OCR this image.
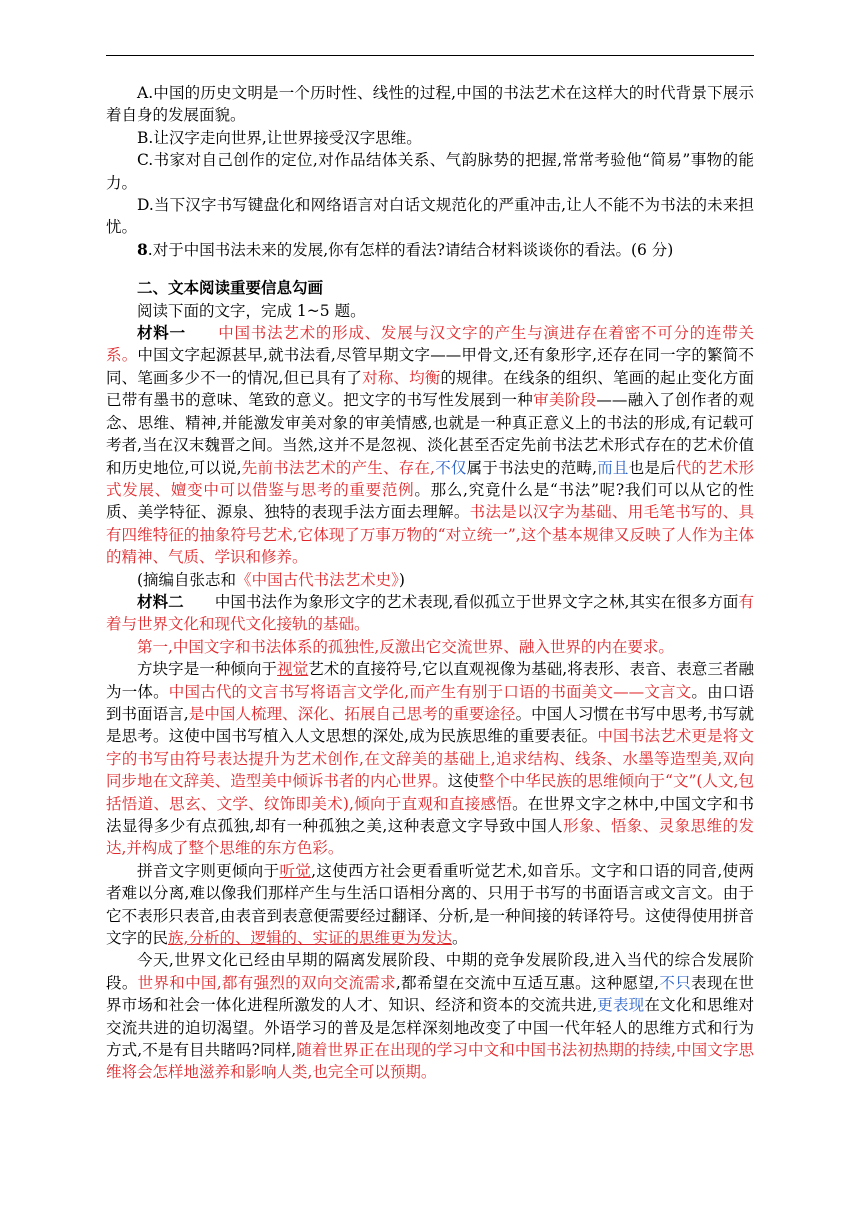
A.中国的历史文明是一个历时性、线性的过程,中国的书法艺术在这样大的时代背景下展示着自身的发展面貌。

B.让汉字走向世界,让世界接受汉字思维。

C.书家对自己创作的定位,对作品结体关系、气韵脉势的把握,常常考验他“简易”事物的能力。

D.当下汉字书写键盘化和网络语言对白话文规范化的严重冲击,让人不能不为书法的未来担忧。

8.对于中国书法未来的发展,你有怎样的看法?请结合材料谈谈你的看法。(6 分)

二、文本阅读重要信息勾画

阅读下面的文字，完成 1~5 题。

材料一　　 中国书法艺术的形成、发展与汉文字的产生与演进存在着密不可分的连带关系。中国文字起源甚早,就书法看,尽管早期文字——甲骨文,还有象形字,还存在同一字的繁简不同、笔画多少不一的情况,但已具有了对称、均衡的规律。在线条的组织、笔画的起止变化方面已带有墨书的意味、笔致的意义。把文字的书写性发展到一种审美阶段——融入了创作者的观念、思维、精神,并能激发审美对象的审美情感,也就是一种真正意义上的书法的形成,有记载可考者,当在汉末魏晋之间。当然,这并不是忽视、淡化甚至否定先前书法艺术形式存在的艺术价值和历史地位,可以说,先前书法艺术的产生、存在,不仅属于书法史的范畴,而且也是后代的艺术形式发展、嬗变中可以借鉴与思考的重要范例。那么,究竟什么是“书法”呢?我们可以从它的性质、美学特征、源泉、独特的表现手法方面去理解。书法是以汉字为基础、用毛笔书写的、具有四维特征的抽象符号艺术,它体现了万事万物的“对立统一”,这个基本规律又反映了人作为主体的精神、气质、学识和修养。

(摘编自张志和《中国古代书法艺术史》)

材料二　　 中国书法作为象形文字的艺术表现,看似孤立于世界文字之林,其实在很多方面有着与世界文化和现代文化接轨的基础。

第一,中国文字和书法体系的孤独性,反激出它交流世界、融入世界的内在要求。

方块字是一种倾向于视觉艺术的直接符号,它以直观视像为基础,将表形、表音、表意三者融为一体。中国古代的文言书写将语言文学化,而产生有别于口语的书面美文——文言文。由口语到书面语言,是中国人梳理、深化、拓展自己思考的重要途径。中国人习惯在书写中思考,书写就是思考。这使中国书写植入人文思想的深处,成为民族思维的重要表征。中国书法艺术更是将文字的书写由符号表达提升为艺术创作,在文辞美的基础上,追求结构、线条、水墨等造型美,双向同步地在文辞美、造型美中倾诉书者的内心世界。这使整个中华民族的思维倾向于“文”(人文,包括悟道、思玄、文学、纹饰即美术),倾向于直观和直接感悟。在世界文字之林中,中国文字和书法显得多少有点孤独,却有一种孤独之美,这种表意文字导致中国人形象、悟象、灵象思维的发达,并构成了整个思维的东方色彩。

拼音文字则更倾向于听觉,这使西方社会更看重听觉艺术,如音乐。文字和口语的同音,使两者难以分离,难以像我们那样产生与生活口语相分离的、只用于书写的书面语言或文言文。由于它不表形只表音,由表音到表意便需要经过翻译、分析,是一种间接的转译符号。这使得使用拼音文字的民族,分析的、逻辑的、实证的思维更为发达。

今天,世界文化已经由早期的隔离发展阶段、中期的竞争发展阶段,进入当代的综合发展阶段。世界和中国,都有强烈的双向交流需求,都希望在交流中互适互惠。这种愿望,不只表现在世界市场和社会一体化进程所激发的人才、知识、经济和资本的交流共进,更表现在文化和思维对交流共进的迫切渴望。外语学习的普及是怎样深刻地改变了中国一代年轻人的思维方式和行为方式,不是有目共睹吗?同样,随着世界正在出现的学习中文和中国书法初热期的持续,中国文字思维将会怎样地滋养和影响人类,也完全可以预期。
